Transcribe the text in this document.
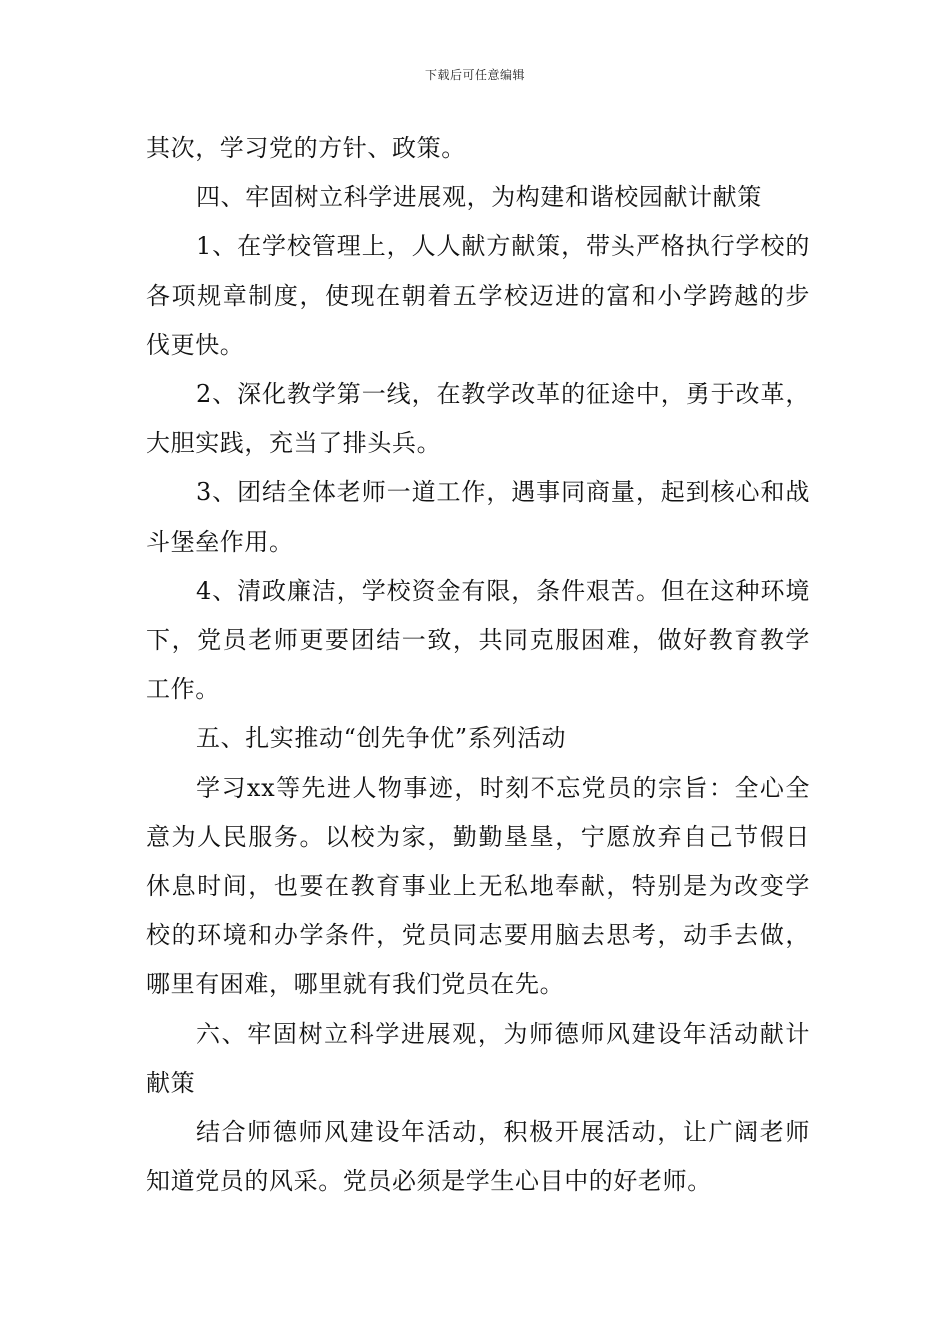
下载后可任意编辑

其次，学习党的方针、政策。

四、牢固树立科学进展观，为构建和谐校园献计献策

1、在学校管理上，人人献方献策，带头严格执行学校的各项规章制度，使现在朝着五学校迈进的富和小学跨越的步伐更快。

2、深化教学第一线，在教学改革的征途中，勇于改革，大胆实践，充当了排头兵。

3、团结全体老师一道工作，遇事同商量，起到核心和战斗堡垒作用。

4、清政廉洁，学校资金有限，条件艰苦。但在这种环境下，党员老师更要团结一致，共同克服困难，做好教育教学工作。

五、扎实推动“创先争优”系列活动

学习xx等先进人物事迹，时刻不忘党员的宗旨：全心全意为人民服务。以校为家，勤勤垦垦，宁愿放弃自己节假日休息时间，也要在教育事业上无私地奉献，特别是为改变学校的环境和办学条件，党员同志要用脑去思考，动手去做，哪里有困难，哪里就有我们党员在先。

六、牢固树立科学进展观，为师德师风建设年活动献计献策

结合师德师风建设年活动，积极开展活动，让广阔老师知道党员的风采。党员必须是学生心目中的好老师。
